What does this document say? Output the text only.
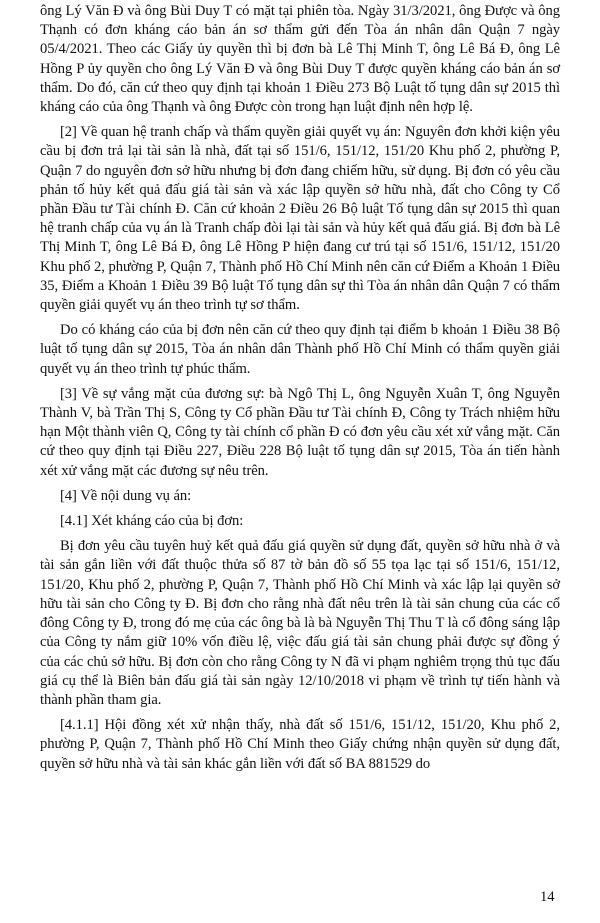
ông Lý Văn Đ và ông Bùi Duy T có mặt tại phiên tòa. Ngày 31/3/2021, ông Được và ông Thạnh có đơn kháng cáo bản án sơ thẩm gửi đến Tòa án nhân dân Quận 7 ngày 05/4/2021. Theo các Giấy ủy quyền thì bị đơn bà Lê Thị Minh T, ông Lê Bá Đ, ông Lê Hồng P ủy quyền cho ông Lý Văn Đ và ông Bùi Duy T được quyền kháng cáo bản án sơ thẩm. Do đó, căn cứ theo quy định tại khoản 1 Điều 273 Bộ Luật tố tụng dân sự 2015 thì kháng cáo của ông Thạnh và ông Được còn trong hạn luật định nên hợp lệ.

[2] Về quan hệ tranh chấp và thẩm quyền giải quyết vụ án: Nguyên đơn khởi kiện yêu cầu bị đơn trả lại tài sản là nhà, đất tại số 151/6, 151/12, 151/20 Khu phố 2, phường P, Quận 7 do nguyên đơn sở hữu nhưng bị đơn đang chiếm hữu, sử dụng. Bị đơn có yêu cầu phản tố hủy kết quả đấu giá tài sản và xác lập quyền sở hữu nhà, đất cho Công ty Cổ phần Đầu tư Tài chính Đ. Căn cứ khoản 2 Điều 26 Bộ luật Tố tụng dân sự 2015 thì quan hệ tranh chấp của vụ án là Tranh chấp đòi lại tài sản và hủy kết quả đấu giá. Bị đơn bà Lê Thị Minh T, ông Lê Bá Đ, ông Lê Hồng P hiện đang cư trú tại số 151/6, 151/12, 151/20 Khu phố 2, phường P, Quận 7, Thành phố Hồ Chí Minh nên căn cứ Điểm a Khoản 1 Điều 35, Điểm a Khoản 1 Điều 39 Bộ luật Tố tụng dân sự thì Tòa án nhân dân Quận 7 có thẩm quyền giải quyết vụ án theo trình tự sơ thẩm.

Do có kháng cáo của bị đơn nên căn cứ theo quy định tại điểm b khoản 1 Điều 38 Bộ luật tố tụng dân sự 2015, Tòa án nhân dân Thành phố Hồ Chí Minh có thẩm quyền giải quyết vụ án theo trình tự phúc thẩm.

[3] Về sự vắng mặt của đương sự: bà Ngô Thị L, ông Nguyễn Xuân T, ông Nguyễn Thành V, bà Trần Thị S, Công ty Cổ phần Đầu tư Tài chính Đ, Công ty Trách nhiệm hữu hạn Một thành viên Q, Công ty tài chính cổ phần Đ có đơn yêu cầu xét xử vắng mặt. Căn cứ theo quy định tại Điều 227, Điều 228 Bộ luật tố tụng dân sự 2015, Tòa án tiến hành xét xử vắng mặt các đương sự nêu trên.

[4] Về nội dung vụ án:

[4.1] Xét kháng cáo của bị đơn:

Bị đơn yêu cầu tuyên huỷ kết quả đấu giá quyền sử dụng đất, quyền sở hữu nhà ở và tài sản gắn liền với đất thuộc thửa số 87 tờ bản đồ số 55 tọa lạc tại số 151/6, 151/12, 151/20, Khu phố 2, phường P, Quận 7, Thành phố Hồ Chí Minh và xác lập lại quyền sở hữu tài sản cho Công ty Đ. Bị đơn cho rằng nhà đất nêu trên là tài sản chung của các cổ đông Công ty Đ, trong đó mẹ của các ông bà là bà Nguyễn Thị Thu T là cổ đông sáng lập của Công ty nắm giữ 10% vốn điều lệ, việc đấu giá tài sản chung phải được sự đồng ý của các chủ sở hữu. Bị đơn còn cho rằng Công ty N đã vi phạm nghiêm trọng thủ tục đấu giá cụ thể là Biên bản đấu giá tài sản ngày 12/10/2018 vi phạm về trình tự tiến hành và thành phần tham gia.

[4.1.1] Hội đồng xét xử nhận thấy, nhà đất số 151/6, 151/12, 151/20, Khu phố 2, phường P, Quận 7, Thành phố Hồ Chí Minh theo Giấy chứng nhận quyền sử dụng đất, quyền sở hữu nhà và tài sản khác gắn liền với đất số BA 881529 do

14
